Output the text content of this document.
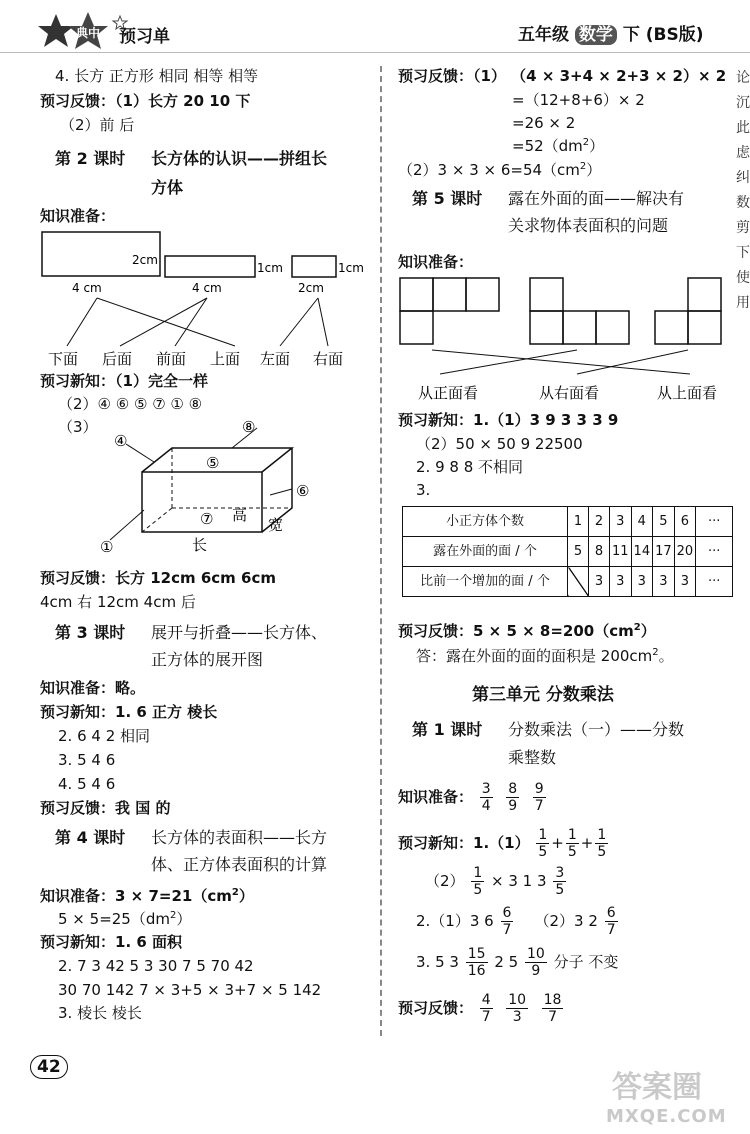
典中 预习单	五年级 数学 下 (BS版)
论
沉
此
虑
纠
数
剪
下
使
用
4. 长方 正方形 相同 相等 相等
预习反馈：（1）长方 20 10 下
（2）前 后
第 2 课时 长方体的认识——拼组长
方体
知识准备：
2cm
4 cm
1cm
4 cm
1cm
2cm
下面 后面 前面 上面 左面 右面
预习新知：（1）完全一样
（2）④ ⑥ ⑤ ⑦ ① ⑧
（3）
④
⑧
⑤
⑥
⑦ 高
宽
长
①
预习反馈：长方 12cm 6cm 6cm
4cm 右 12cm 4cm 后
第 3 课时 展开与折叠——长方体、
正方体的展开图
知识准备：略。
预习新知：1. 6 正方 棱长
2. 6 4 2 相同
3. 5 4 6
4. 5 4 6
预习反馈：我 国 的
第 4 课时 长方体的表面积——长方
体、正方体表面积的计算
知识准备：$3 \times 7=21(cm^2)$
$5 \times 5=25(dm^2)$
预习新知：1. 6 面积
2. 7 3 42 5 3 30 7 5 70 42
30 70 142 7 × 3+5 × 3+7 × 5 142
3. 棱长 棱长
42
预习反馈：（1） （4 × 3+4 × 2+3 × 2）× 2
=（12+8+6）× 2
=26 × 2
$=52(dm^2)$
$(2)3 \times 3 \times 6=54(cm^2)$
第 5 课时 露在外面的面——解决有
关求物体表面积的问题
知识准备：
从正面看	从右面看	从上面看
预习新知：1.（1）3 9 3 3 3 9
（2）50 × 50 9 22500
2. 9 8 8 不相同
3.
小正方体个数	1	2	3	4	5	6	···
露在外面的面 / 个	5	8	11	14	17	20	···
比前一个增加的面 / 个		3	3	3	3	3	···
预习反馈：$5 \times 5 \times 8=200(cm^2)$
答：露在外面的面的面积是 $200cm^2$。
第三单元 分数乘法
第 1 课时 分数乘法（一）——分数
乘整数
知识准备： $\frac{3}{4}$
$\frac{8}{9}$
$\frac{9}{7}$
预习新知：$1.(1) \frac{1}{5} + \frac{1}{5} + \frac{1}{5}$
$(2) \frac{1}{5} \times 3$ 1 $3 \frac{3}{5}$
2.（1）3 $6 \frac{6}{7} (2)3$ $2 \frac{6}{7}$
3. 5 $3 \frac{15}{16} 2$ $5 \frac{10}{9}$ 分子 不变
预习反馈： $\frac{4}{7}$
$\frac{10}{3}$
$\frac{18}{7}$
答案圈
MXQE.COM
